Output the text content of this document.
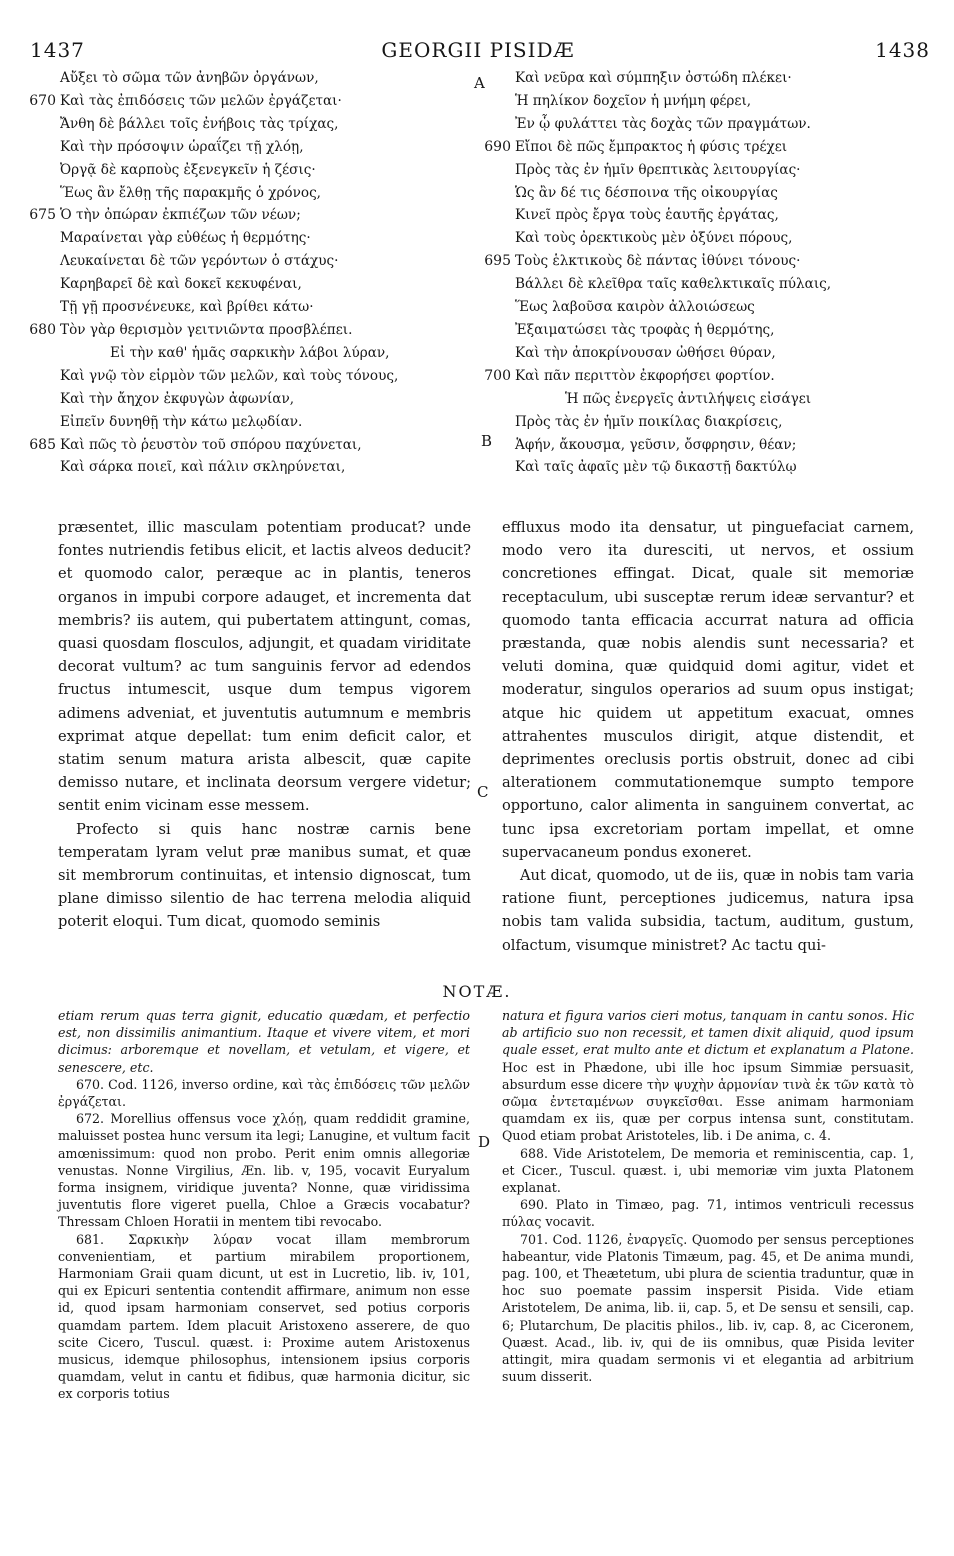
1437	GEORGII PISIDÆ	1438
A
B
C
D
Αὔξει τὸ σῶμα τῶν ἀνηβῶν ὀργάνων,
670 Καὶ τὰς ἐπιδόσεις τῶν μελῶν ἐργάζεται·
Ἄνθη δὲ βάλλει τοῖς ἐνήβοις τὰς τρίχας,
Καὶ τὴν πρόσοψιν ὡραΐζει τῇ χλόῃ,
Ὀργᾷ δὲ καρποὺς ἐξενεγκεῖν ἡ ζέσις·
Ἕως ἂν ἔλθῃ τῆς παρακμῆς ὁ χρόνος,
675 Ὁ τὴν ὀπώραν ἐκπιέζων τῶν νέων;
Μαραίνεται γὰρ εὐθέως ἡ θερμότης·
Λευκαίνεται δὲ τῶν γερόντων ὁ στάχυς·
Καρηβαρεῖ δὲ καὶ δοκεῖ κεκυφέναι,
Τῇ γῇ προσνένευκε, καὶ βρίθει κάτω·
680 Τὸν γὰρ θερισμὸν γειτνιῶντα προσβλέπει.
Εἰ τὴν καθ' ἡμᾶς σαρκικὴν λάβοι λύραν,
Καὶ γνῷ τὸν εἱρμὸν τῶν μελῶν, καὶ τοὺς τόνους,
Καὶ τὴν ἄηχον ἐκφυγὼν ἀφωνίαν,
Εἰπεῖν δυνηθῇ τὴν κάτω μελῳδίαν.
685 Καὶ πῶς τὸ ῥευστὸν τοῦ σπόρου παχύνεται,
Καὶ σάρκα ποιεῖ, καὶ πάλιν σκληρύνεται,
Καὶ νεῦρα καὶ σύμπηξιν ὀστώδη πλέκει·
Ἡ πηλίκον δοχεῖον ἡ μνήμη φέρει,
Ἐν ᾧ φυλάττει τὰς δοχὰς τῶν πραγμάτων.
690 Εἴποι δὲ πῶς ἔμπρακτος ἡ φύσις τρέχει
Πρὸς τὰς ἐν ἡμῖν θρεπτικὰς λειτουργίας·
Ὡς ἂν δέ τις δέσποινα τῆς οἰκουργίας
Κινεῖ πρὸς ἔργα τοὺς ἑαυτῆς ἐργάτας,
Καὶ τοὺς ὀρεκτικοὺς μὲν ὀξύνει πόρους,
695 Τοὺς ἑλκτικοὺς δὲ πάντας ἰθύνει τόνους·
Βάλλει δὲ κλεῖθρα ταῖς καθελκτικαῖς πύλαις,
Ἕως λαβοῦσα καιρὸν ἀλλοιώσεως
Ἐξαιματώσει τὰς τροφὰς ἡ θερμότης,
Καὶ τὴν ἀποκρίνουσαν ὠθήσει θύραν,
700 Καὶ πᾶν περιττὸν ἐκφορήσει φορτίον.
Ἡ πῶς ἐνεργεῖς ἀντιλήψεις εἰσάγει
Πρὸς τὰς ἐν ἡμῖν ποικίλας διακρίσεις,
Ἁφήν, ἄκουσμα, γεῦσιν, ὄσφρησιν, θέαν;
Καὶ ταῖς ἀφαῖς μὲν τῷ δικαστῇ δακτύλῳ

præsentet, illic masculam potentiam producat? unde fontes nutriendis fetibus elicit, et lactis alveos deducit? et quomodo calor, peræque ac in plantis, teneros organos in impubi corpore adauget, et incrementa dat membris? iis autem, qui pubertatem attingunt, comas, quasi quosdam flosculos, adjungit, et quadam viriditate decorat vultum? ac tum sanguinis fervor ad edendos fructus intumescit, usque dum tempus vigorem adimens adveniat, et juventutis autumnum e membris exprimat atque depellat: tum enim deficit calor, et statim senum matura arista albescit, quæ capite demisso nutare, et inclinata deorsum vergere videtur; sentit enim vicinam esse messem.

Profecto si quis hanc nostræ carnis bene temperatam lyram velut præ manibus sumat, et quæ sit membrorum continuitas, et intensio dignoscat, tum plane dimisso silentio de hac terrena melodia aliquid poterit eloqui. Tum dicat, quomodo seminis

effluxus modo ita densatur, ut pinguefaciat carnem, modo vero ita duresciti, ut nervos, et ossium concretiones effingat. Dicat, quale sit memoriæ receptaculum, ubi susceptæ rerum ideæ servantur? et quomodo tanta efficacia accurrat natura ad officia præstanda, quæ nobis alendis sunt necessaria? et veluti domina, quæ quidquid domi agitur, videt et moderatur, singulos operarios ad suum opus instigat; atque hic quidem ut appetitum exacuat, omnes attrahentes musculos dirigit, atque distendit, et deprimentes oreclusis portis obstruit, donec ad cibi alterationem commutationemque sumpto tempore opportuno, calor alimenta in sanguinem convertat, ac tunc ipsa excretoriam portam impellat, et omne supervacaneum pondus exoneret.

Aut dicat, quomodo, ut de iis, quæ in nobis tam varia ratione fiunt, perceptiones judicemus, natura ipsa nobis tam valida subsidia, tactum, auditum, gustum, olfactum, visumque ministret? Ac tactu qui-

NOTÆ.

etiam rerum quas terra gignit, educatio quædam, et perfectio est, non dissimilis animantium. Itaque et vivere vitem, et mori dicimus: arboremque et novellam, et vetulam, et vigere, et senescere, etc.

670. Cod. 1126, inverso ordine, καὶ τὰς ἐπιδόσεις τῶν μελῶν ἐργάζεται.

672. Morellius offensus voce χλόῃ, quam reddidit gramine, maluisset postea hunc versum ita legi; Lanugine, et vultum facit amœnissimum: quod non probo. Perit enim omnis allegoriæ venustas. Nonne Virgilius, Æn. lib. v, 195, vocavit Euryalum forma insignem, viridique juventa? Nonne, quæ viridissima juventutis flore vigeret puella, Chloe a Græcis vocabatur? Thressam Chloen Horatii in mentem tibi revocabo.

681. Σαρκικὴν λύραν vocat illam membrorum convenientiam, et partium mirabilem proportionem, Harmoniam Graii quam dicunt, ut est in Lucretio, lib. iv, 101, qui ex Epicuri sententia contendit affirmare, animum non esse id, quod ipsam harmoniam conservet, sed potius corporis quamdam partem. Idem placuit Aristoxeno asserere, de quo scite Cicero, Tuscul. quæst. i: Proxime autem Aristoxenus musicus, idemque philosophus, intensionem ipsius corporis quamdam, velut in cantu et fidibus, quæ harmonia dicitur, sic ex corporis totius

natura et figura varios cieri motus, tanquam in cantu sonos. Hic ab artificio suo non recessit, et tamen dixit aliquid, quod ipsum quale esset, erat multo ante et dictum et explanatum a Platone. Hoc est in Phædone, ubi ille hoc ipsum Simmiæ persuasit, absurdum esse dicere τὴν ψυχὴν ἁρμονίαν τινὰ ἐκ τῶν κατὰ τὸ σῶμα ἐντεταμένων συγκεῖσθαι. Esse animam harmoniam quamdam ex iis, quæ per corpus intensa sunt, constitutam. Quod etiam probat Aristoteles, lib. i De anima, c. 4.

688. Vide Aristotelem, De memoria et reminiscentia, cap. 1, et Cicer., Tuscul. quæst. i, ubi memoriæ vim juxta Platonem explanat.

690. Plato in Timæo, pag. 71, intimos ventriculi recessus πύλας vocavit.

701. Cod. 1126, ἐναργεῖς. Quomodo per sensus perceptiones habeantur, vide Platonis Timæum, pag. 45, et De anima mundi, pag. 100, et Theætetum, ubi plura de scientia traduntur, quæ in hoc suo poemate passim inspersit Pisida. Vide etiam Aristotelem, De anima, lib. ii, cap. 5, et De sensu et sensili, cap. 6; Plutarchum, De placitis philos., lib. iv, cap. 8, ac Ciceronem, Quæst. Acad., lib. iv, qui de iis omnibus, quæ Pisida leviter attingit, mira quadam sermonis vi et elegantia ad arbitrium suum disserit.
